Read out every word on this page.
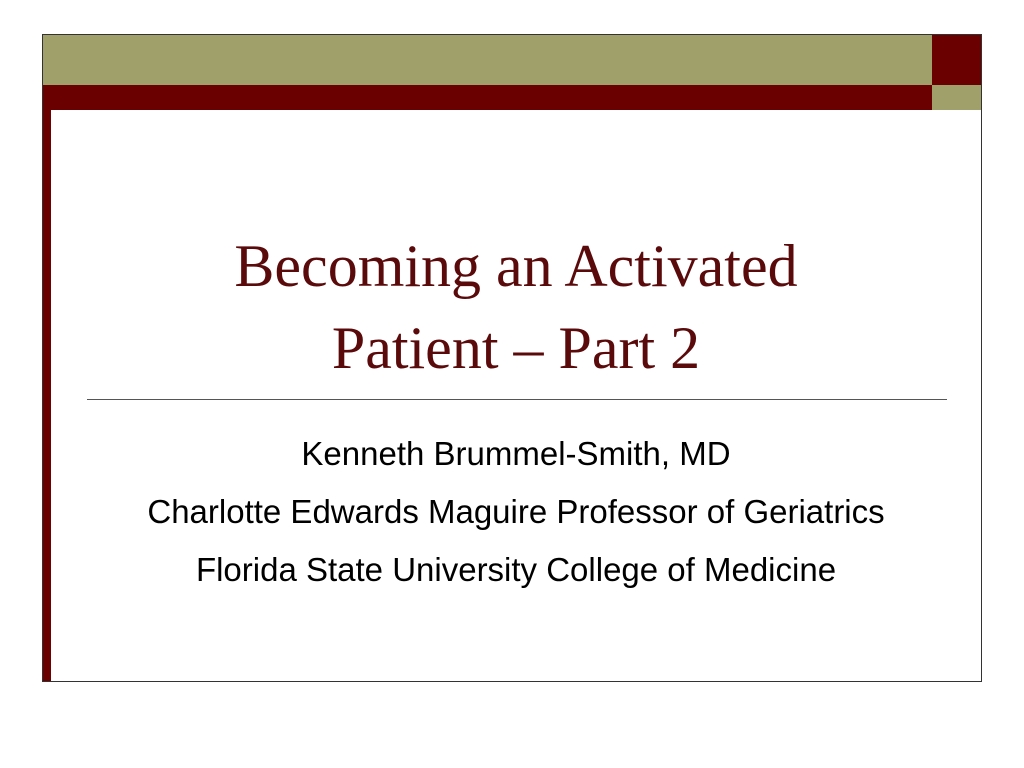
Becoming an Activated
Patient – Part 2
Kenneth Brummel-Smith, MD
Charlotte Edwards Maguire Professor of Geriatrics
Florida State University College of Medicine
